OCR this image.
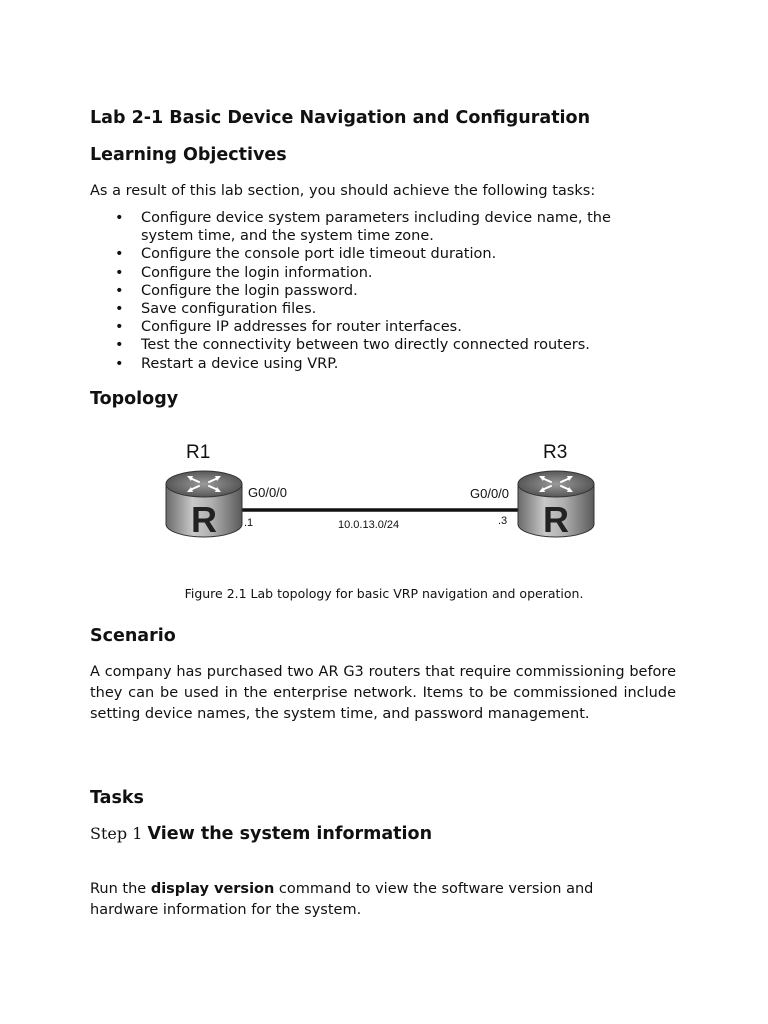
Lab 2-1 Basic Device Navigation and Configuration
Learning Objectives
As a result of this lab section, you should achieve the following tasks:
• Configure device system parameters including device name, the system time, and the system time zone.
• Configure the console port idle timeout duration.
• Configure the login information.
• Configure the login password.
• Save configuration files.
• Configure IP addresses for router interfaces.
• Test the connectivity between two directly connected routers.
• Restart a device using VRP.
Topology
R	R
R1	R3
G0/0/0	G0/0/0
.1	.3
10.0.13.0/24
Figure 2.1 Lab topology for basic VRP navigation and operation.
Scenario
A company has purchased two AR G3 routers that require commissioning before they can be used in the enterprise network. Items to be commissioned include setting device names, the system time, and password management.
Tasks
Step 1 View the system information
Run the display version command to view the software version and hardware information for the system.
